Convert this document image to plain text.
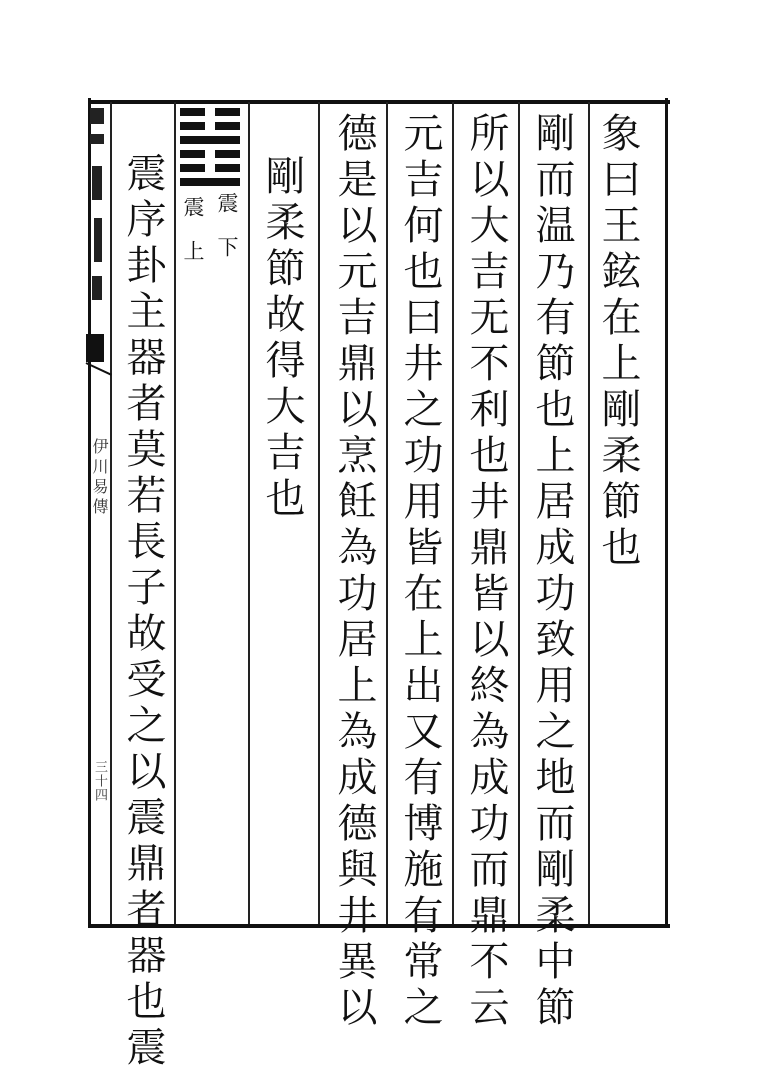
象曰王鉉在上剛柔節也
剛而温乃有節也上居成功致用之地而剛柔中節
所以大吉无不利也井鼎皆以終為成功而鼎不云
元吉何也曰井之功用皆在上出又有博施有常之
德是以元吉鼎以烹飪為功居上為成德與井異以
剛柔節故得大吉也
震
上
震
下
震序卦主器者莫若長子故受之以震鼎者器也震
伊川易傳
三十四
